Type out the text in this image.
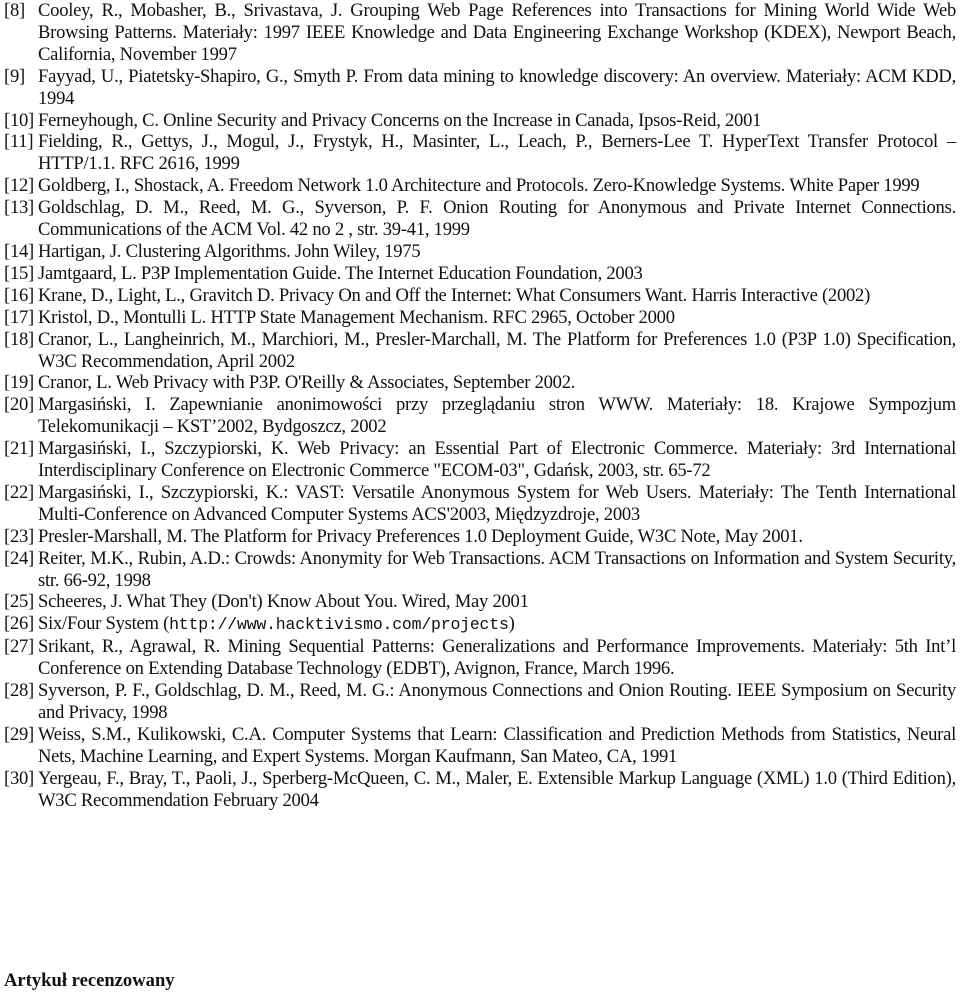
[8] Cooley, R., Mobasher, B., Srivastava, J. Grouping Web Page References into Transactions for Mining World Wide Web Browsing Patterns. Materiały: 1997 IEEE Knowledge and Data Engineering Exchange Workshop (KDEX), Newport Beach, California, November 1997
[9] Fayyad, U., Piatetsky-Shapiro, G., Smyth P. From data mining to knowledge discovery: An overview. Materiały: ACM KDD, 1994
[10] Ferneyhough, C. Online Security and Privacy Concerns on the Increase in Canada, Ipsos-Reid, 2001
[11] Fielding, R., Gettys, J., Mogul, J., Frystyk, H., Masinter, L., Leach, P., Berners-Lee T. HyperText Transfer Protocol – HTTP/1.1. RFC 2616, 1999
[12] Goldberg, I., Shostack, A. Freedom Network 1.0 Architecture and Protocols. Zero-Knowledge Systems. White Paper 1999
[13] Goldschlag, D. M., Reed, M. G., Syverson, P. F. Onion Routing for Anonymous and Private Internet Connections. Communications of the ACM Vol. 42 no 2 , str. 39-41, 1999
[14] Hartigan, J. Clustering Algorithms. John Wiley, 1975
[15] Jamtgaard, L. P3P Implementation Guide. The Internet Education Foundation, 2003
[16] Krane, D., Light, L., Gravitch D. Privacy On and Off the Internet: What Consumers Want. Harris Interactive (2002)
[17] Kristol, D., Montulli L. HTTP State Management Mechanism. RFC 2965, October 2000
[18] Cranor, L., Langheinrich, M., Marchiori, M., Presler-Marchall, M. The Platform for Preferences 1.0 (P3P 1.0) Specification, W3C Recommendation, April 2002
[19] Cranor, L. Web Privacy with P3P. O'Reilly & Associates, September 2002.
[20] Margasiński, I. Zapewnianie anonimowości przy przeglądaniu stron WWW. Materiały: 18. Krajowe Sympozjum Telekomunikacji – KST’2002, Bydgoszcz, 2002
[21] Margasiński, I., Szczypiorski, K. Web Privacy: an Essential Part of Electronic Commerce. Materiały: 3rd International Interdisciplinary Conference on Electronic Commerce "ECOM-03", Gdańsk, 2003, str. 65-72
[22] Margasiński, I., Szczypiorski, K.: VAST: Versatile Anonymous System for Web Users. Materiały: The Tenth International Multi-Conference on Advanced Computer Systems ACS'2003, Międzyzdroje, 2003
[23] Presler-Marshall, M. The Platform for Privacy Preferences 1.0 Deployment Guide, W3C Note, May 2001.
[24] Reiter, M.K., Rubin, A.D.: Crowds: Anonymity for Web Transactions. ACM Transactions on Information and System Security, str. 66-92, 1998
[25] Scheeres, J. What They (Don't) Know About You. Wired, May 2001
[26] Six/Four System (http://www.hacktivismo.com/projects)
[27] Srikant, R., Agrawal, R. Mining Sequential Patterns: Generalizations and Performance Improvements. Materiały: 5th Int’l Conference on Extending Database Technology (EDBT), Avignon, France, March 1996.
[28] Syverson, P. F., Goldschlag, D. M., Reed, M. G.: Anonymous Connections and Onion Routing. IEEE Symposium on Security and Privacy, 1998
[29] Weiss, S.M., Kulikowski, C.A. Computer Systems that Learn: Classification and Prediction Methods from Statistics, Neural Nets, Machine Learning, and Expert Systems. Morgan Kaufmann, San Mateo, CA, 1991
[30] Yergeau, F., Bray, T., Paoli, J., Sperberg-McQueen, C. M., Maler, E. Extensible Markup Language (XML) 1.0 (Third Edition), W3C Recommendation February 2004
Artykuł recenzowany
